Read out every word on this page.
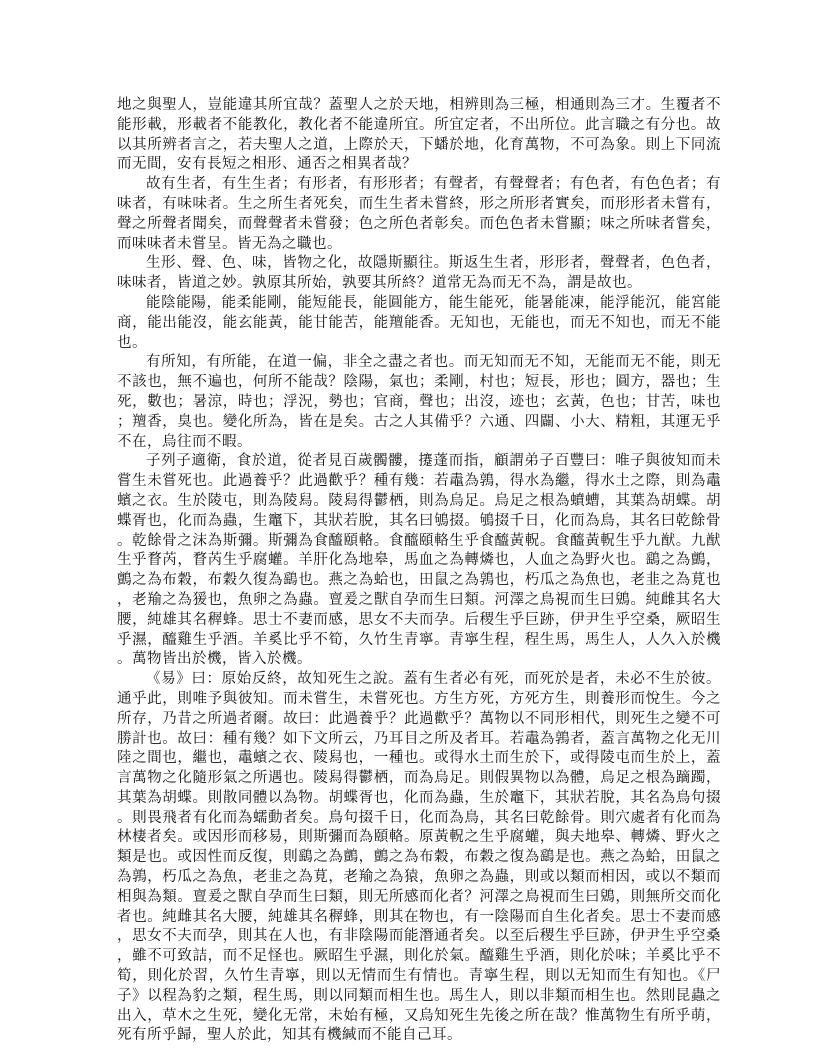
地之與聖人，豈能違其所宜哉？蓋聖人之於天地，相辨則為三極，相通則為三才。生覆者不能形載，形載者不能教化，教化者不能違所宜。所宜定者，不出所位。此言職之有分也。故以其所辨者言之，若夫聖人之道，上際於天，下蟠於地，化育萬物，不可為象。則上下同流而无間，安有長短之相形、通否之相異者哉？

故有生者，有生生者；有形者，有形形者；有聲者，有聲聲者；有色者，有色色者；有味者，有味味者。生之所生者死矣，而生生者未嘗終，形之所形者實矣，而形形者未嘗有，聲之所聲者聞矣，而聲聲者未嘗發；色之所色者彰矣。而色色者未嘗顯；味之所味者嘗矣，而味味者未嘗呈。皆无為之職也。

生形、聲、色、味，皆物之化，故隱斯顯往。斯返生生者，形形者，聲聲者，色色者，味味者，皆道之妙。孰原其所始，孰要其所終？道常无為而无不為，謂是故也。

能陰能陽，能柔能剛，能短能長，能圓能方，能生能死，能暑能凍，能浮能沉，能宮能商，能出能沒，能玄能黃，能甘能苦，能羶能香。无知也，无能也，而无不知也，而无不能也。

有所知，有所能，在道一偏，非全之盡之者也。而无知而无不知，无能而无不能，則无不該也，無不遍也，何所不能哉？陰陽，氣也；柔剛，村也；短長，形也；圓方，器也；生死，數也；暑涼，時也；浮況，勢也；官商，聲也；出沒，迹也；玄黃，色也；甘苦，味也；羶香，臭也。變化所為，皆在是矣。古之人其備乎？六通、四闢、小大、精粗，其運无乎不在，烏往而不暇。

子列子適衛，食於道，從者見百歲髑髏，攓蓬而指，顧謂弟子百豐曰：唯子與彼知而未嘗生未嘗死也。此過養乎？此過歡乎？種有幾：若鼃為鶉，得水為繼，得水土之際，則為鼃蠙之衣。生於陵屯，則為陵舄。陵舄得鬱栖，則為烏足。烏足之根為蟦螬，其葉為胡蝶。胡蝶胥也，化而為蟲，生竈下，其狀若脫，其名曰鴝掇。鴝掇千日，化而為鳥，其名曰乾餘骨。乾餘骨之沫為斯彌。斯彌為食醯頤輅。食醯頤輅生乎食醯黃軦。食醯黃軦生乎九猷。九猷生乎瞀芮，瞀芮生乎腐蠸。羊肝化為地皋，馬血之為轉燐也，人血之為野火也。鷂之為鸇，鸇之為布穀，布穀久復為鷂也。燕之為蛤也，田鼠之為鶉也，朽瓜之為魚也，老韭之為莧也，老羭之為猨也，魚卵之為蟲。亶爰之獸自孕而生曰類。河澤之鳥視而生曰鶂。純雌其名大腰，純雄其名稺蜂。思士不妻而感，思女不夫而孕。后稷生乎巨跡，伊尹生乎空桑，厥昭生乎濕，醯雞生乎酒。羊奚比乎不筍，久竹生青寧。青寧生程，程生馬，馬生人，人久入於機。萬物皆出於機，皆入於機。

《易》曰：原始反終，故知死生之說。蓋有生者必有死，而死於是者，未必不生於彼。通乎此，則唯予與彼知。而未嘗生，未嘗死也。方生方死，方死方生，則養形而悅生。今之所存，乃昔之所過者爾。故曰：此過養乎？此過歡乎？萬物以不同形相代，則死生之變不可勝計也。故曰：種有幾？如下文所云，乃耳目之所及者耳。若鼃為鶉者，蓋言萬物之化无川陸之間也，繼也，鼃蠙之衣、陵舄也，一種也。或得水土而生於下，或得陵屯而生於上，蓋言萬物之化隨形氣之所遇也。陵舄得鬱栖，而為烏足。則假異物以為體，烏足之根為蹢躅，其葉為胡蝶。則散同體以為物。胡蝶胥也，化而為蟲，生於竈下，其狀若脫，其名為鳥句掇。則畏飛者有化而為蠕動者矣。鳥句掇千日，化而為鳥，其名曰乾餘骨。則穴處者有化而為林棲者矣。或因形而移易，則斯彌而為頤輅。原黃軦之生乎腐蠸，與夫地皋、轉燐、野火之類是也。或因性而反復，則鷂之為鸇，鸇之為布穀，布穀之復為鷂是也。燕之為蛤，田鼠之為鶉，朽瓜之為魚，老韭之為莧，老羭之為猿，魚卵之為蟲，則或以類而相因，或以不類而相與為類。亶爰之獸自孕而生曰類，則无所感而化者？河澤之鳥視而生曰鶂，則無所交而化者也。純雌其名大腰，純雄其名稺蜂，則其在物也，有一陰陽而自生化者矣。思士不妻而感，思女不夫而孕，則其在人也，有非陰陽而能潛通者矣。以至后稷生乎巨跡，伊尹生乎空桑，雖不可致詰，而不足怪也。厥昭生乎濕，則化於氣。醯雞生乎酒，則化於味；羊奚比乎不筍，則化於習，久竹生青寧，則以无情而生有情也。青寧生程，則以无知而生有知也。《尸子》以程為豹之類，程生馬，則以同類而相生也。馬生人，則以非類而相生也。然則昆蟲之出入，草木之生死，變化无常，未始有極，又烏知死生先後之所在哉？惟萬物生有所乎萌，死有所乎歸，聖人於此，知其有機緘而不能自己耳。
